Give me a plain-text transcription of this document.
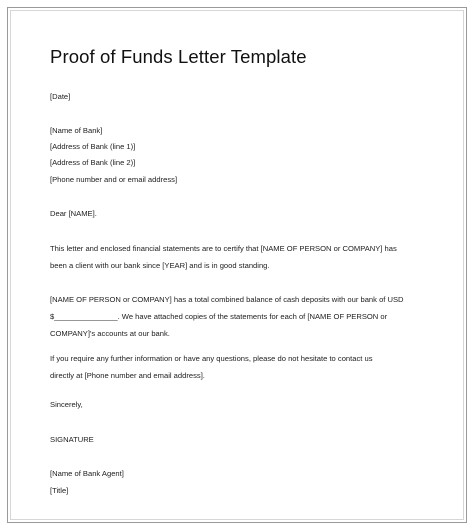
Proof of Funds Letter Template

[Date]

[Name of Bank]

[Address of Bank (line 1)]

[Address of Bank (line 2)]

[Phone number and or email address]

Dear [NAME].

This letter and enclosed financial statements are to certify that [NAME OF PERSON or COMPANY] has
been a client with our bank since [YEAR] and is in good standing.
[NAME OF PERSON or COMPANY] has a total combined balance of cash deposits with our bank of USD
$_______________. We have attached copies of the statements for each of [NAME OF PERSON or
COMPANY]'s accounts at our bank.
If you require any further information or have any questions, please do not hesitate to contact us
directly at [Phone number and email address].

Sincerely,

SIGNATURE

[Name of Bank Agent]

[Title]
